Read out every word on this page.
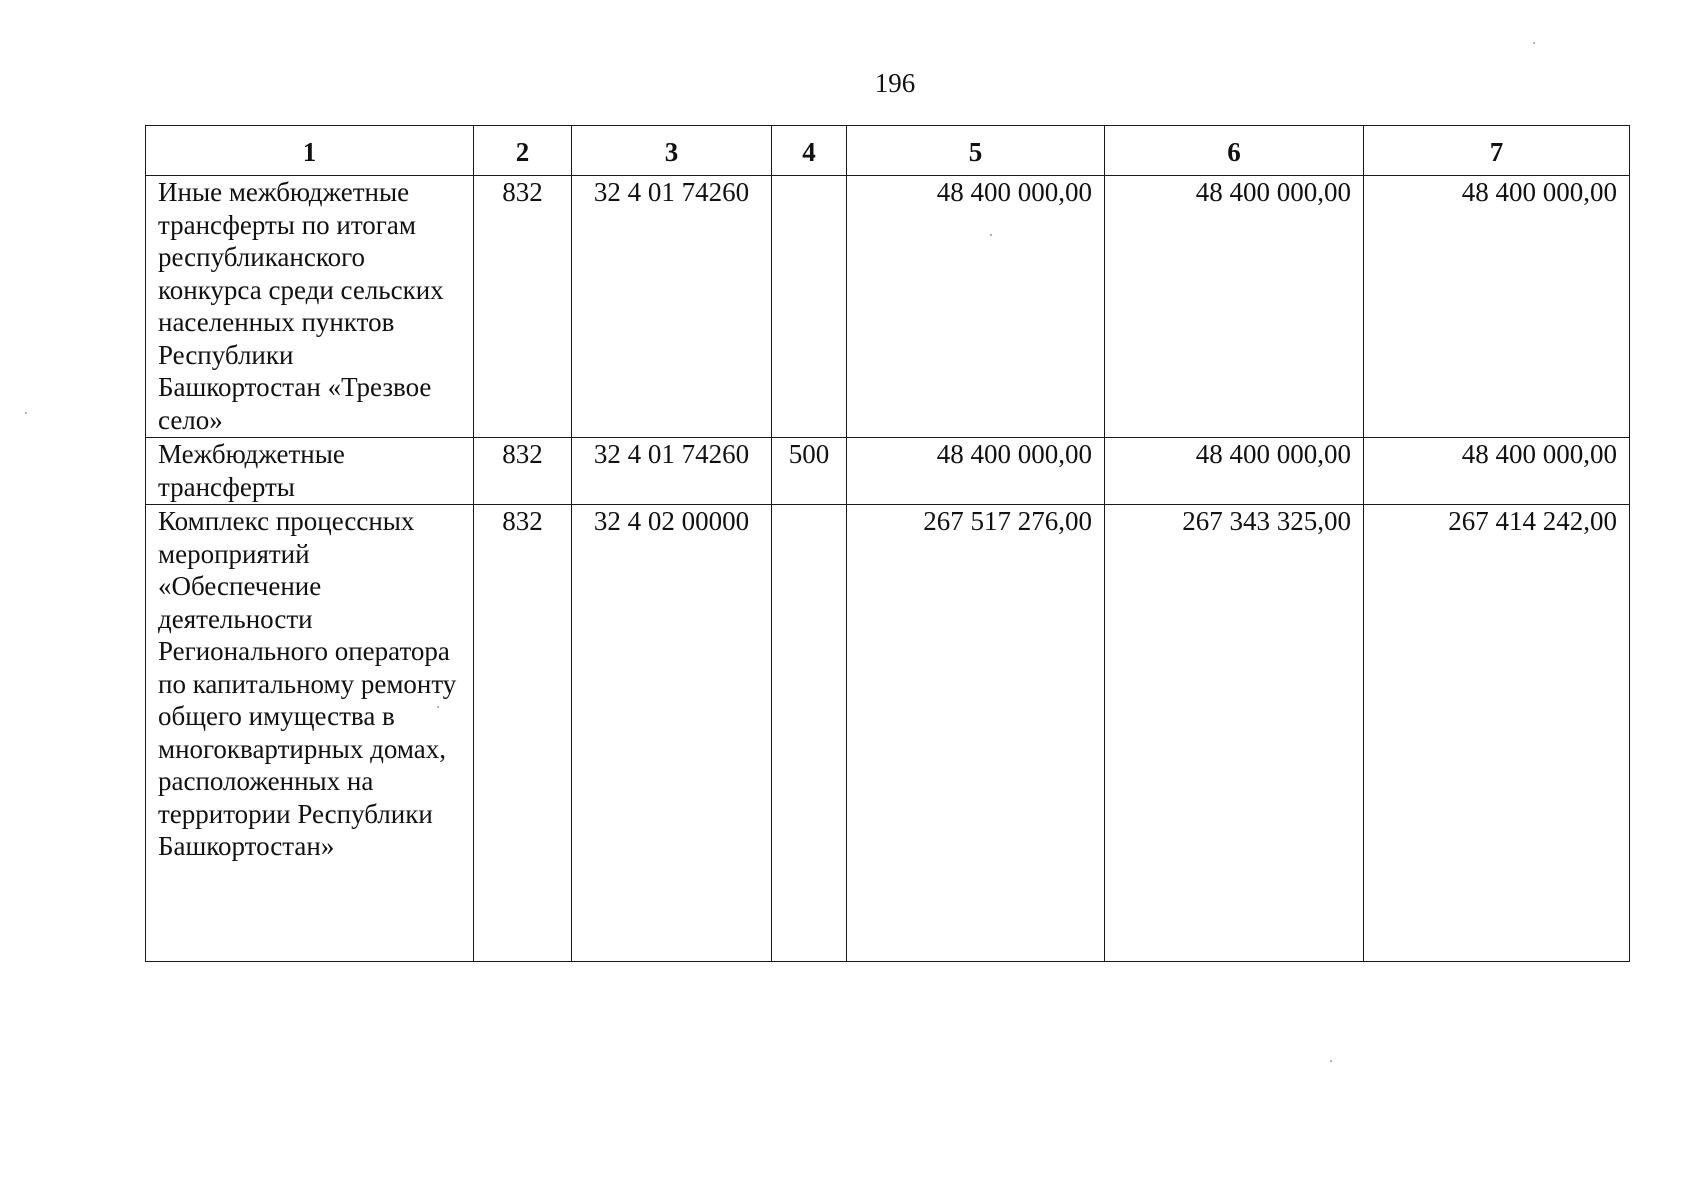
196
1	2	3	4	5	6	7
Иные межбюджетные трансферты по итогам республиканского конкурса среди сельских населенных пунктов Республики Башкортостан «Трезвое село»	832	32 4 01 74260		48 400 000,00	48 400 000,00	48 400 000,00
Межбюджетные трансферты	832	32 4 01 74260	500	48 400 000,00	48 400 000,00	48 400 000,00
Комплекс процессных мероприятий «Обеспечение деятельности Регионального оператора по капитальному ремонту общего имущества в многоквартирных домах, расположенных на территории Республики Башкортостан»	832	32 4 02 00000		267 517 276,00	267 343 325,00	267 414 242,00
